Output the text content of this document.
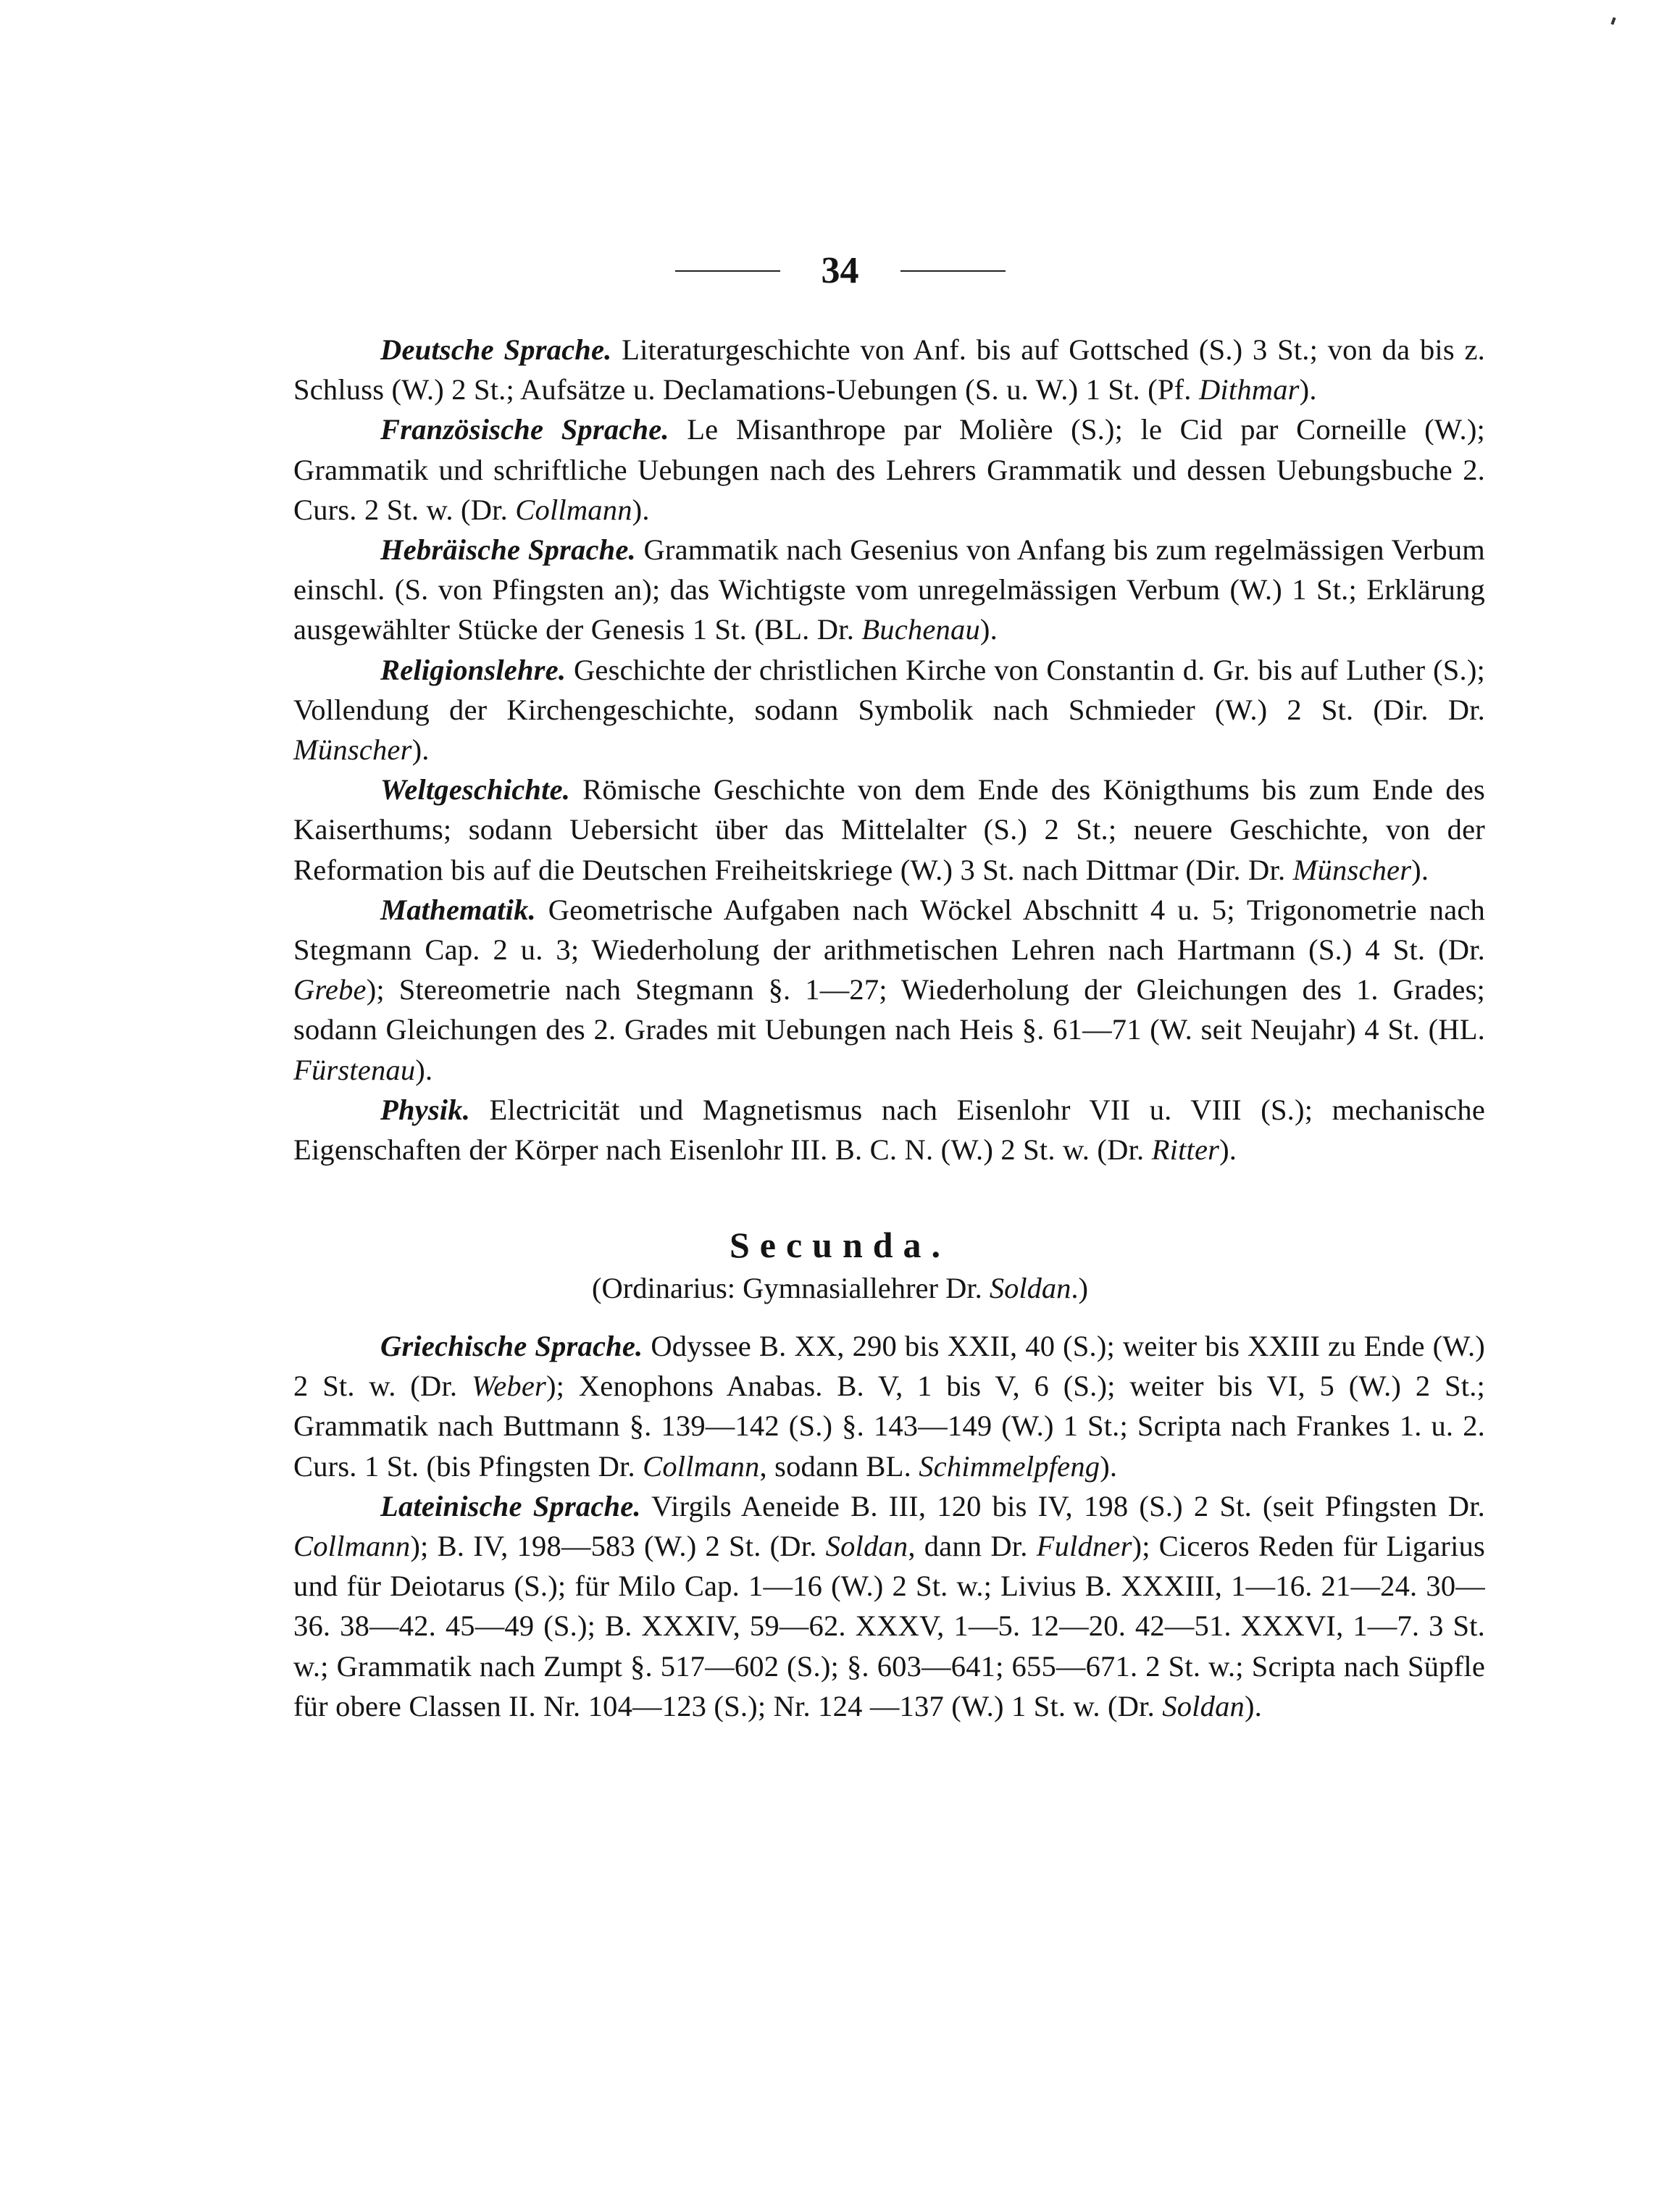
34

Deutsche Sprache. Literaturgeschichte von Anf. bis auf Gottsched (S.) 3 St.; von da bis z. Schluss (W.) 2 St.; Aufsätze u. Declamations-Uebungen (S. u. W.) 1 St. (Pf. Dithmar).

Französische Sprache. Le Misanthrope par Molière (S.); le Cid par Corneille (W.); Grammatik und schriftliche Uebungen nach des Lehrers Grammatik und dessen Uebungsbuche 2. Curs. 2 St. w. (Dr. Collmann).

Hebräische Sprache. Grammatik nach Gesenius von Anfang bis zum regelmässigen Verbum einschl. (S. von Pfingsten an); das Wichtigste vom unregelmässigen Verbum (W.) 1 St.; Erklärung ausgewählter Stücke der Genesis 1 St. (BL. Dr. Buchenau).

Religionslehre. Geschichte der christlichen Kirche von Constantin d. Gr. bis auf Luther (S.); Vollendung der Kirchengeschichte, sodann Symbolik nach Schmieder (W.) 2 St. (Dir. Dr. Münscher).

Weltgeschichte. Römische Geschichte von dem Ende des Königthums bis zum Ende des Kaiserthums; sodann Uebersicht über das Mittelalter (S.) 2 St.; neuere Geschichte, von der Reformation bis auf die Deutschen Freiheitskriege (W.) 3 St. nach Dittmar (Dir. Dr. Münscher).

Mathematik. Geometrische Aufgaben nach Wöckel Abschnitt 4 u. 5; Trigonometrie nach Stegmann Cap. 2 u. 3; Wiederholung der arithmetischen Lehren nach Hartmann (S.) 4 St. (Dr. Grebe); Stereometrie nach Stegmann §. 1—27; Wiederholung der Gleichungen des 1. Grades; sodann Gleichungen des 2. Grades mit Uebungen nach Heis §. 61—71 (W. seit Neujahr) 4 St. (HL. Fürstenau).

Physik. Electricität und Magnetismus nach Eisenlohr VII u. VIII (S.); mechanische Eigenschaften der Körper nach Eisenlohr III. B. C. N. (W.) 2 St. w. (Dr. Ritter).

Secunda.
(Ordinarius: Gymnasiallehrer Dr. Soldan.)

Griechische Sprache. Odyssee B. XX, 290 bis XXII, 40 (S.); weiter bis XXIII zu Ende (W.) 2 St. w. (Dr. Weber); Xenophons Anabas. B. V, 1 bis V, 6 (S.); weiter bis VI, 5 (W.) 2 St.; Grammatik nach Buttmann §. 139—142 (S.) §. 143—149 (W.) 1 St.; Scripta nach Frankes 1. u. 2. Curs. 1 St. (bis Pfingsten Dr. Collmann, sodann BL. Schimmelpfeng).

Lateinische Sprache. Virgils Aeneide B. III, 120 bis IV, 198 (S.) 2 St. (seit Pfingsten Dr. Collmann); B. IV, 198—583 (W.) 2 St. (Dr. Soldan, dann Dr. Fuldner); Ciceros Reden für Ligarius und für Deiotarus (S.); für Milo Cap. 1—16 (W.) 2 St. w.; Livius B. XXXIII, 1—16. 21—24. 30—36. 38—42. 45—49 (S.); B. XXXIV, 59—62. XXXV, 1—5. 12—20. 42—51. XXXVI, 1—7. 3 St. w.; Grammatik nach Zumpt §. 517—602 (S.); §. 603—641; 655—671. 2 St. w.; Scripta nach Süpfle für obere Classen II. Nr. 104—123 (S.); Nr. 124 —137 (W.) 1 St. w. (Dr. Soldan).
